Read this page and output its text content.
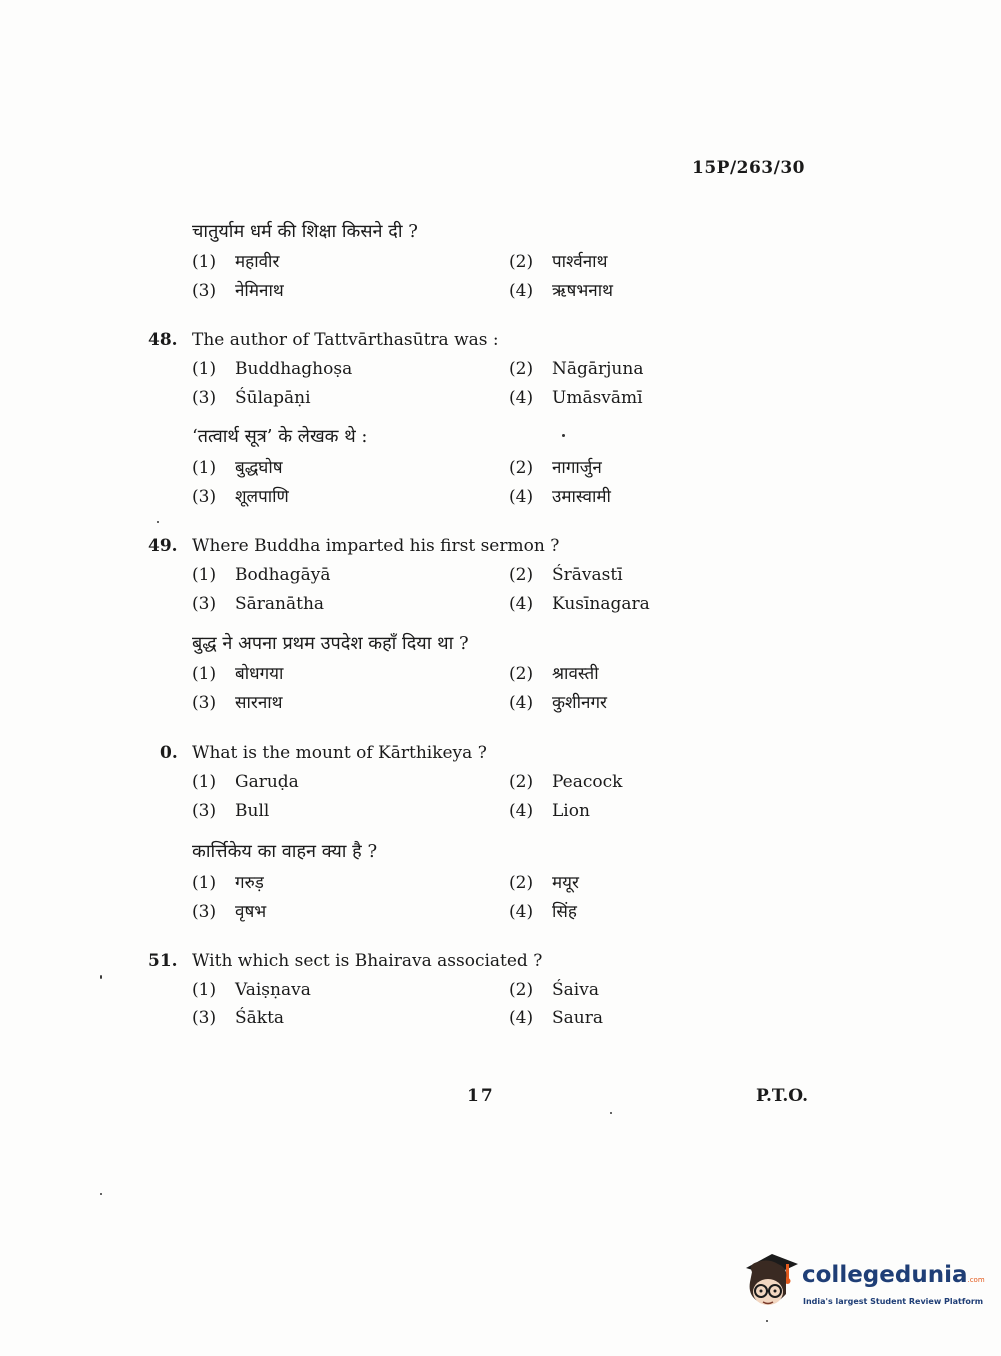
15P/263/30
चातुर्याम धर्म की शिक्षा किसने दी ?
(1) महावीर	(2) पार्श्वनाथ
(3) नेमिनाथ	(4) ऋषभनाथ
48. The author of Tattvārthasūtra was :
(1) Buddhaghoṣa	(2) Nāgārjuna
(3) Śūlapāṇi	(4) Umāsvāmī
‘तत्वार्थ सूत्र’ के लेखक थे :
(1) बुद्धघोष	(2) नागार्जुन
(3) शूलपाणि	(4) उमास्वामी
49. Where Buddha imparted his first sermon ?
(1) Bodhagāyā	(2) Śrāvastī
(3) Sāranātha	(4) Kusīnagara
बुद्ध ने अपना प्रथम उपदेश कहाँ दिया था ?
(1) बोधगया	(2) श्रावस्ती
(3) सारनाथ	(4) कुशीनगर
0. What is the mount of Kārthikeya ?
(1) Garuḍa	(2) Peacock
(3) Bull	(4) Lion
कार्त्तिकेय का वाहन क्या है ?
(1) गरुड़	(2) मयूर
(3) वृषभ	(4) सिंह
51. With which sect is Bhairava associated ?
(1) Vaiṣṇava	(2) Śaiva
(3) Śākta	(4) Saura
17	P.T.O.
collegedunia.com
India's largest Student Review Platform
